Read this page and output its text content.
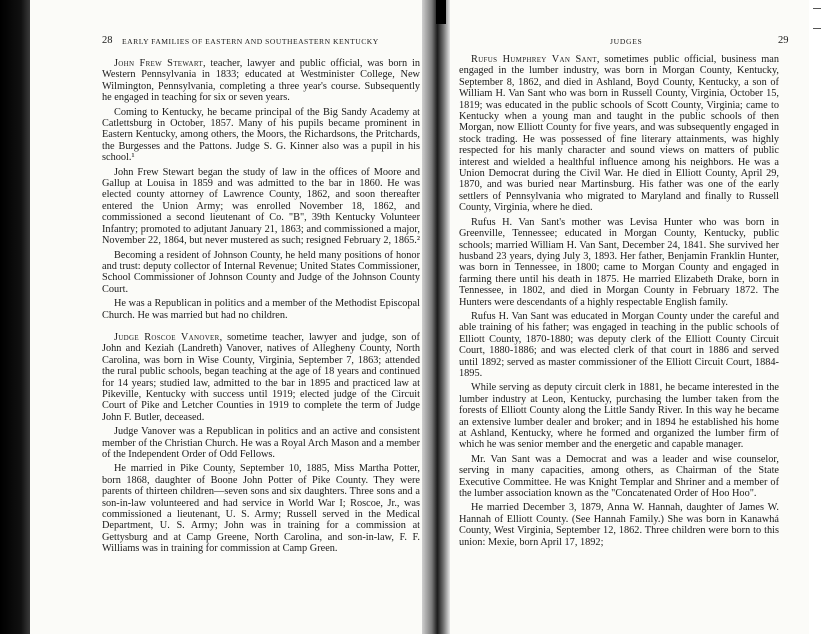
28 EARLY FAMILIES OF EASTERN AND SOUTHEASTERN KENTUCKY

John Frew Stewart, teacher, lawyer and public official, was born in Western Pennsylvania in 1833; educated at Westminister College, New Wilmington, Pennsylvania, completing a three year's course. Subsequently he engaged in teaching for six or seven years.

Coming to Kentucky, he became principal of the Big Sandy Academy at Catlettsburg in October, 1857. Many of his pupils became prominent in Eastern Kentucky, among others, the Moors, the Richardsons, the Pritchards, the Burgesses and the Pattons. Judge S. G. Kinner also was a pupil in his school.¹

John Frew Stewart began the study of law in the offices of Moore and Gallup at Louisa in 1859 and was admitted to the bar in 1860. He was elected county attorney of Lawrence County, 1862, and soon thereafter entered the Union Army; was enrolled November 18, 1862, and commissioned a second lieutenant of Co. "B", 39th Kentucky Volunteer Infantry; promoted to adjutant January 21, 1863; and commissioned a major, November 22, 1864, but never mustered as such; resigned February 2, 1865.²

Becoming a resident of Johnson County, he held many positions of honor and trust: deputy collector of Internal Revenue; United States Commissioner, School Commissioner of Johnson County and Judge of the Johnson County Court.

He was a Republican in politics and a member of the Methodist Episcopal Church. He was married but had no children.

Judge Roscoe Vanover, sometime teacher, lawyer and judge, son of John and Keziah (Landreth) Vanover, natives of Allegheny County, North Carolina, was born in Wise County, Virginia, September 7, 1863; attended the rural public schools, began teaching at the age of 18 years and continued for 14 years; studied law, admitted to the bar in 1895 and practiced law at Pikeville, Kentucky with success until 1919; elected judge of the Circuit Court of Pike and Letcher Counties in 1919 to complete the term of Judge John F. Butler, deceased.

Judge Vanover was a Republican in politics and an active and consistent member of the Christian Church. He was a Royal Arch Mason and a member of the Independent Order of Odd Fellows.

He married in Pike County, September 10, 1885, Miss Martha Potter, born 1868, daughter of Boone John Potter of Pike County. They were parents of thirteen children—seven sons and six daughters. Three sons and a son-in-law volunteered and had service in World War I; Roscoe, Jr., was commissioned a lieutenant, U. S. Army; Russell served in the Medical Department, U. S. Army; John was in training for a commission at Gettysburg and at Camp Greene, North Carolina, and son-in-law, F. F. Williams was in training for commission at Camp Green.

JUDGES	29

Rufus Humphrey Van Sant, sometimes public official, business man engaged in the lumber industry, was born in Morgan County, Kentucky, September 8, 1862, and died in Ashland, Boyd County, Kentucky, a son of William H. Van Sant who was born in Russell County, Virginia, October 15, 1819; was educated in the public schools of Scott County, Virginia; came to Kentucky when a young man and taught in the public schools of then Morgan, now Elliott County for five years, and was subsequently engaged in stock trading. He was possessed of fine literary attainments, was highly respected for his manly character and sound views on matters of public interest and wielded a healthful influence among his neighbors. He was a Union Democrat during the Civil War. He died in Elliott County, April 29, 1870, and was buried near Martinsburg. His father was one of the early settlers of Pennsylvania who migrated to Maryland and finally to Russell County, Virginia, where he died.

Rufus H. Van Sant's mother was Levisa Hunter who was born in Greenville, Tennessee; educated in Morgan County, Kentucky, public schools; married William H. Van Sant, December 24, 1841. She survived her husband 23 years, dying July 3, 1893. Her father, Benjamin Franklin Hunter, was born in Tennessee, in 1800; came to Morgan County and engaged in farming there until his death in 1875. He married Elizabeth Drake, born in Tennessee, in 1802, and died in Morgan County in February 1872. The Hunters were descendants of a highly respectable English family.

Rufus H. Van Sant was educated in Morgan County under the careful and able training of his father; was engaged in teaching in the public schools of Elliott County, 1870-1880; was deputy clerk of the Elliott County Circuit Court, 1880-1886; and was elected clerk of that court in 1886 and served until 1892; served as master commissioner of the Elliott Circuit Court, 1884-1895.

While serving as deputy circuit clerk in 1881, he became interested in the lumber industry at Leon, Kentucky, purchasing the lumber taken from the forests of Elliott County along the Little Sandy River. In this way he became an extensive lumber dealer and broker; and in 1894 he established his home at Ashland, Kentucky, where he formed and organized the lumber firm of which he was senior member and the energetic and capable manager.

Mr. Van Sant was a Democrat and was a leader and wise counselor, serving in many capacities, among others, as Chairman of the State Executive Committee. He was Knight Templar and Shriner and a member of the lumber association known as the "Concatenated Order of Hoo Hoo".

He married December 3, 1879, Anna W. Hannah, daughter of James W. Hannah of Elliott County. (See Hannah Family.) She was born in Kanawhá County, West Virginia, September 12, 1862. Three children were born to this union: Mexie, born April 17, 1892;
